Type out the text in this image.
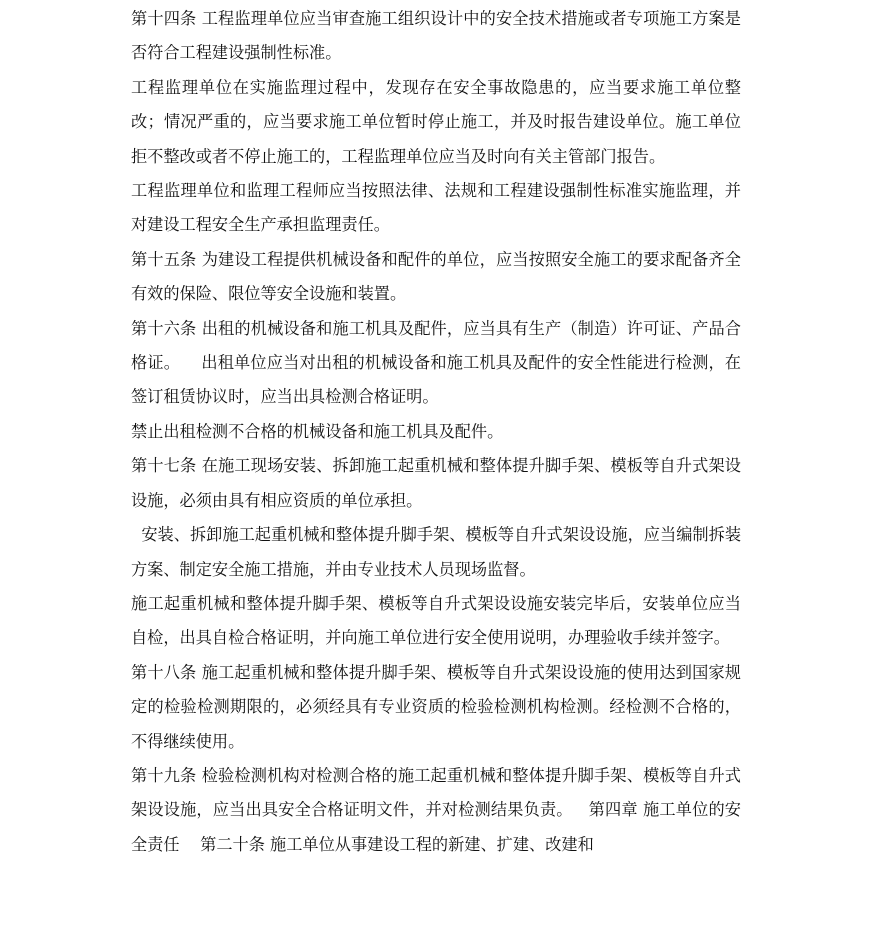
第十四条 工程监理单位应当审查施工组织设计中的安全技术措施或者专项施工方案是否符合工程建设强制性标准。

工程监理单位在实施监理过程中，发现存在安全事故隐患的，应当要求施工单位整改；情况严重的，应当要求施工单位暂时停止施工，并及时报告建设单位。施工单位拒不整改或者不停止施工的，工程监理单位应当及时向有关主管部门报告。

工程监理单位和监理工程师应当按照法律、法规和工程建设强制性标准实施监理，并对建设工程安全生产承担监理责任。

第十五条 为建设工程提供机械设备和配件的单位，应当按照安全施工的要求配备齐全有效的保险、限位等安全设施和装置。

第十六条 出租的机械设备和施工机具及配件，应当具有生产（制造）许可证、产品合格证。    出租单位应当对出租的机械设备和施工机具及配件的安全性能进行检测，在签订租赁协议时，应当出具检测合格证明。

禁止出租检测不合格的机械设备和施工机具及配件。

第十七条 在施工现场安装、拆卸施工起重机械和整体提升脚手架、模板等自升式架设设施，必须由具有相应资质的单位承担。

安装、拆卸施工起重机械和整体提升脚手架、模板等自升式架设设施，应当编制拆装方案、制定安全施工措施，并由专业技术人员现场监督。

施工起重机械和整体提升脚手架、模板等自升式架设设施安装完毕后，安装单位应当自检，出具自检合格证明，并向施工单位进行安全使用说明，办理验收手续并签字。

第十八条 施工起重机械和整体提升脚手架、模板等自升式架设设施的使用达到国家规定的检验检测期限的，必须经具有专业资质的检验检测机构检测。经检测不合格的，不得继续使用。

第十九条 检验检测机构对检测合格的施工起重机械和整体提升脚手架、模板等自升式架设设施，应当出具安全合格证明文件，并对检测结果负责。   第四章 施工单位的安全责任    第二十条 施工单位从事建设工程的新建、扩建、改建和
